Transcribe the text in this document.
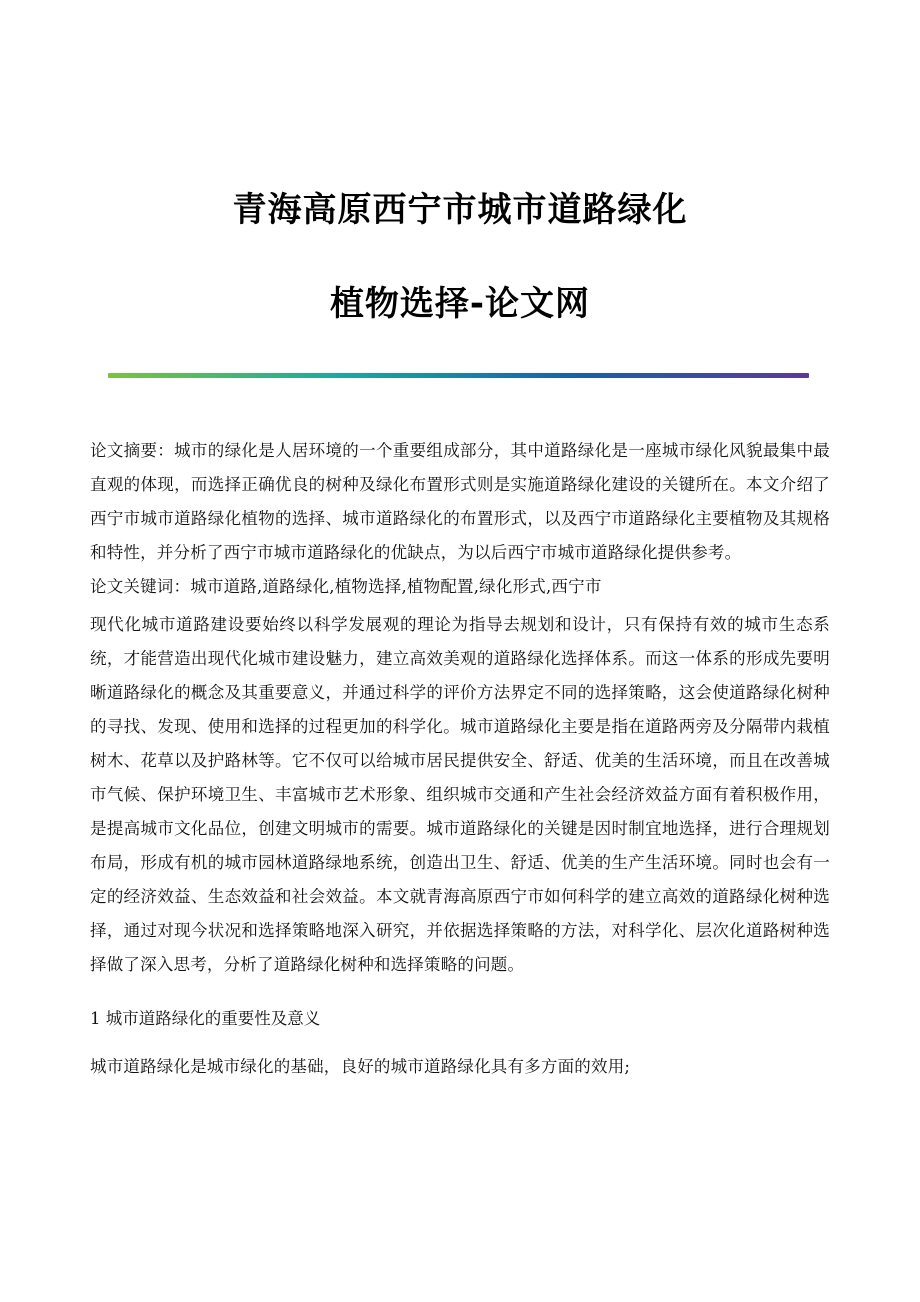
青海高原西宁市城市道路绿化
植物选择-论文网

论文摘要：城市的绿化是人居环境的一个重要组成部分，其中道路绿化是一座城市绿化风貌最集中最直观的体现，而选择正确优良的树种及绿化布置形式则是实施道路绿化建设的关键所在。本文介绍了西宁市城市道路绿化植物的选择、城市道路绿化的布置形式，以及西宁市道路绿化主要植物及其规格和特性，并分析了西宁市城市道路绿化的优缺点，为以后西宁市城市道路绿化提供参考。

论文关键词：城市道路,道路绿化,植物选择,植物配置,绿化形式,西宁市

现代化城市道路建设要始终以科学发展观的理论为指导去规划和设计，只有保持有效的城市生态系统，才能营造出现代化城市建设魅力，建立高效美观的道路绿化选择体系。而这一体系的形成先要明晰道路绿化的概念及其重要意义，并通过科学的评价方法界定不同的选择策略，这会使道路绿化树种的寻找、发现、使用和选择的过程更加的科学化。城市道路绿化主要是指在道路两旁及分隔带内栽植树木、花草以及护路林等。它不仅可以给城市居民提供安全、舒适、优美的生活环境，而且在改善城市气候、保护环境卫生、丰富城市艺术形象、组织城市交通和产生社会经济效益方面有着积极作用，是提高城市文化品位，创建文明城市的需要。城市道路绿化的关键是因时制宜地选择，进行合理规划布局，形成有机的城市园林道路绿地系统，创造出卫生、舒适、优美的生产生活环境。同时也会有一定的经济效益、生态效益和社会效益。本文就青海高原西宁市如何科学的建立高效的道路绿化树种选择，通过对现今状况和选择策略地深入研究，并依据选择策略的方法，对科学化、层次化道路树种选择做了深入思考，分析了道路绿化树种和选择策略的问题。

1 城市道路绿化的重要性及意义

城市道路绿化是城市绿化的基础，良好的城市道路绿化具有多方面的效用;
